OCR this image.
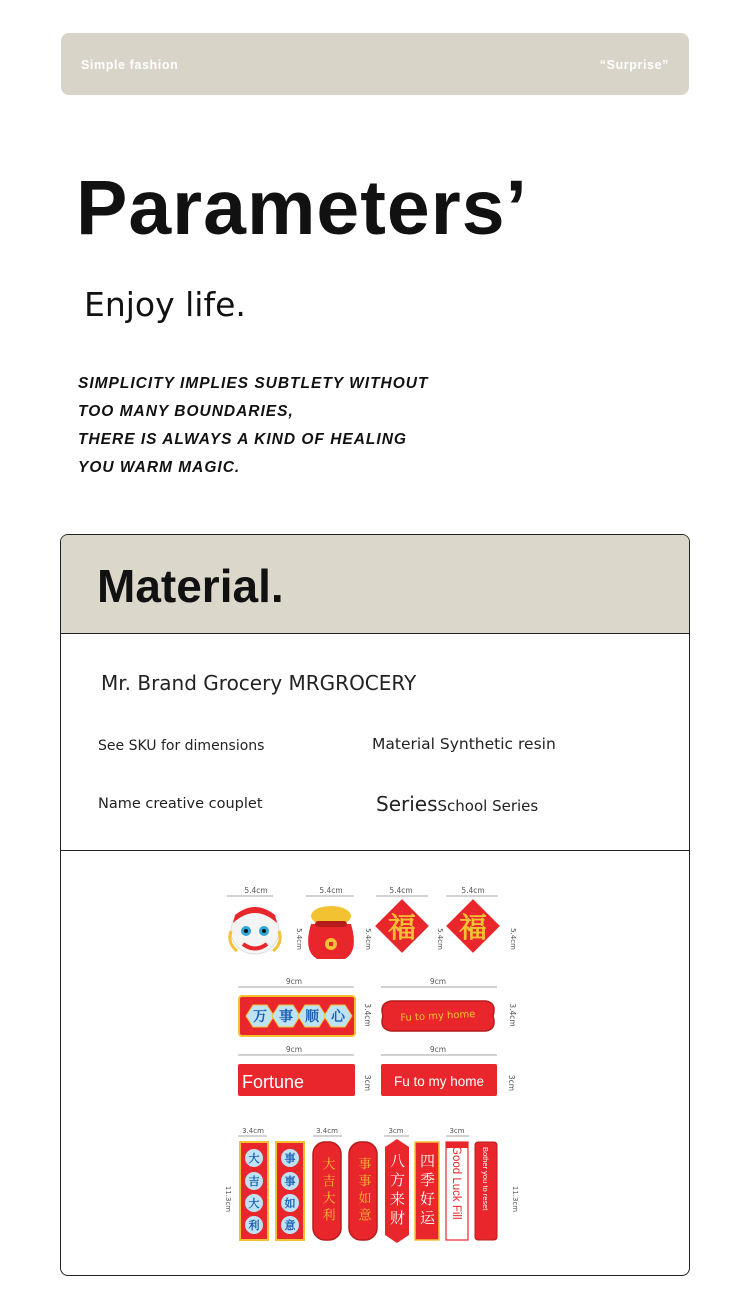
Simple fashion	“Surprise”
Parameters’
Enjoy life.
SIMPLICITY IMPLIES SUBTLETY WITHOUT
TOO MANY BOUNDARIES,
THERE IS ALWAYS A KIND OF HEALING
YOU WARM MAGIC.
Material.
Mr. Brand Grocery MRGROCERY
See SKU for dimensions	Material Synthetic resin
Name creative couplet	SeriesSchool Series
5.4cm	5.4cm	5.4cm	5.4cm
5.4cm	5.4cm	5.4cm	5.4cm
福 福
9cm	9cm
3.4cm	3.4cm
万 事 顺 心	Fu to my home
9cm	9cm
3cm	3cm
Fortune	Fu to my home
3.4cm	3.4cm	3cm	3cm
11.3cm	11.3cm
大
吉
大
利
事
事
如
意
大吉大利 事事如意 八方来财 四季好运 Good Luck Fill	Bother you to reset
